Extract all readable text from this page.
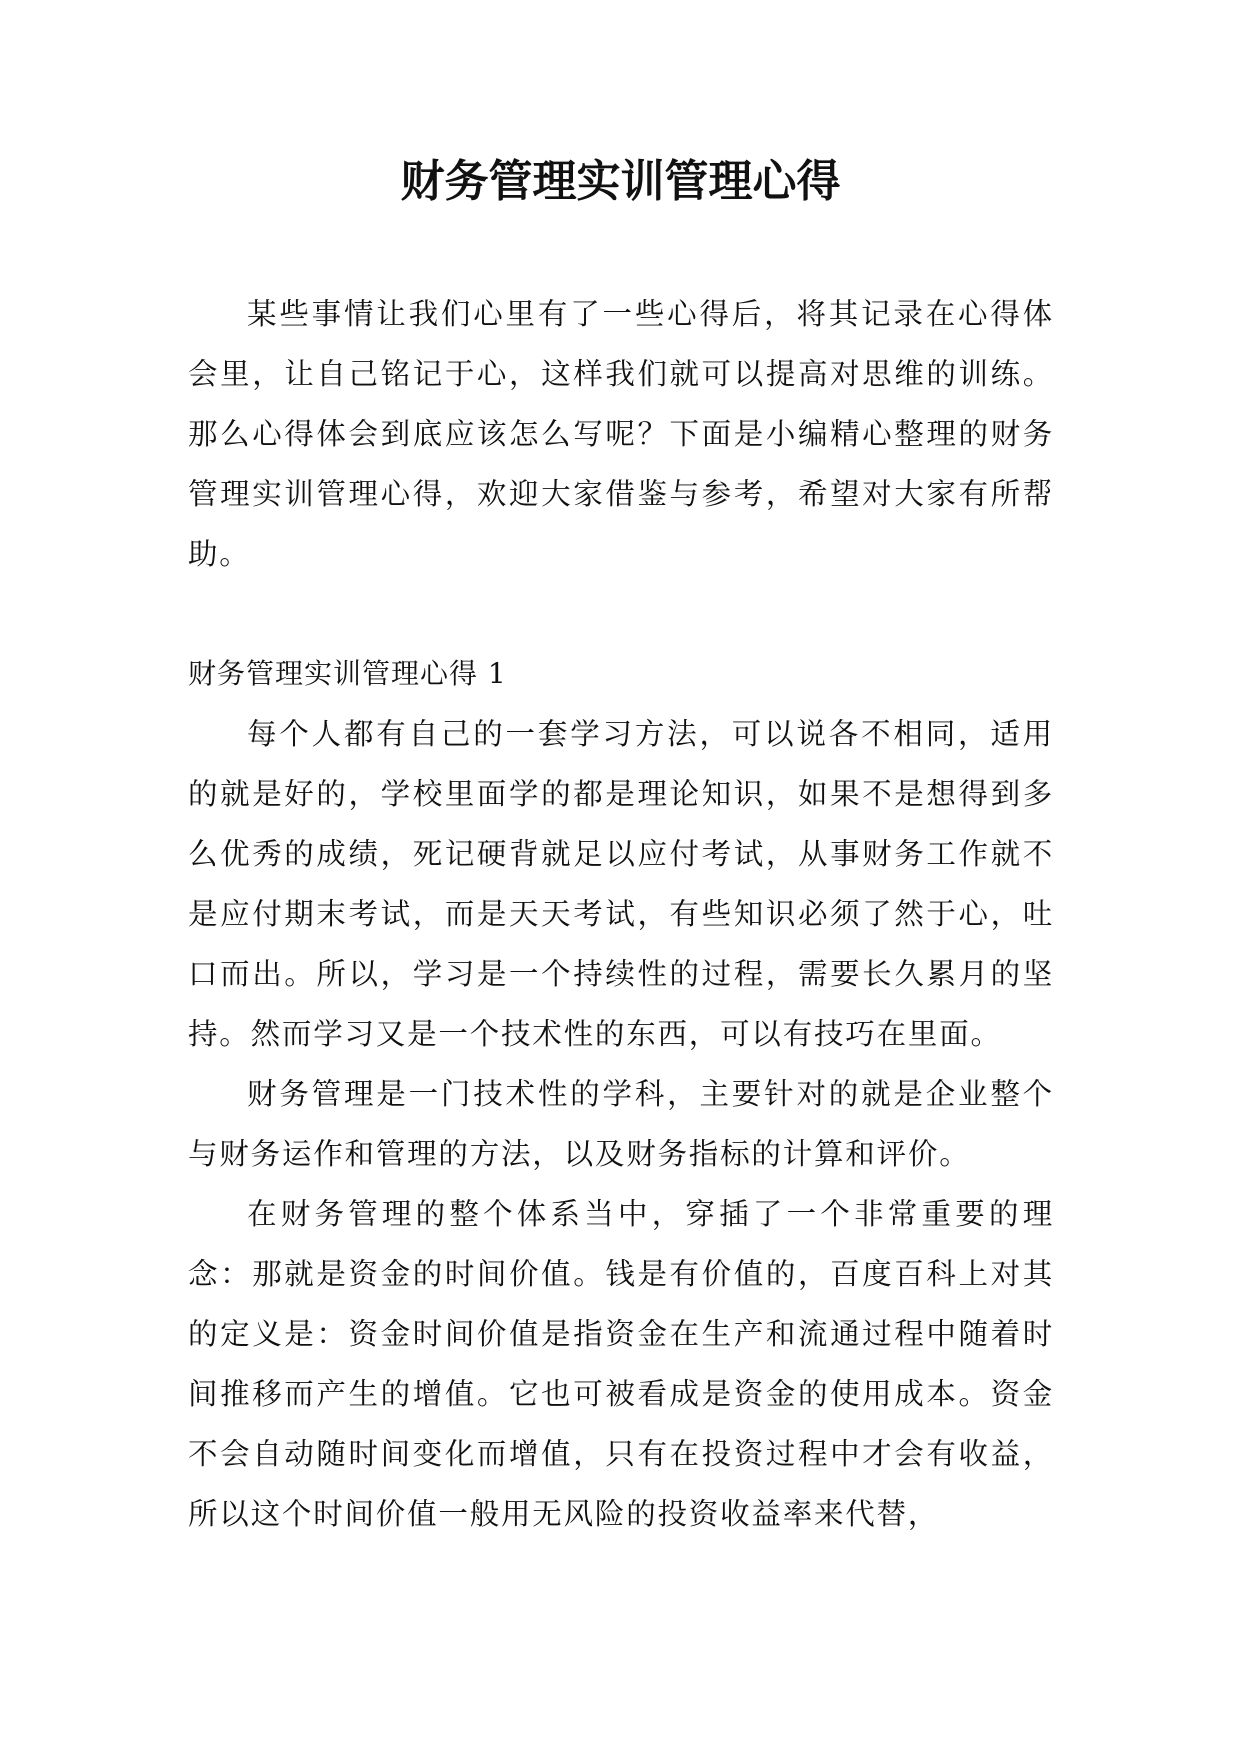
财务管理实训管理心得

某些事情让我们心里有了一些心得后，将其记录在心得体会里，让自己铭记于心，这样我们就可以提高对思维的训练。那么心得体会到底应该怎么写呢？下面是小编精心整理的财务管理实训管理心得，欢迎大家借鉴与参考，希望对大家有所帮助。

财务管理实训管理心得 1

每个人都有自己的一套学习方法，可以说各不相同，适用的就是好的，学校里面学的都是理论知识，如果不是想得到多么优秀的成绩，死记硬背就足以应付考试，从事财务工作就不是应付期末考试，而是天天考试，有些知识必须了然于心，吐口而出。所以，学习是一个持续性的过程，需要长久累月的坚持。然而学习又是一个技术性的东西，可以有技巧在里面。

财务管理是一门技术性的学科，主要针对的就是企业整个与财务运作和管理的方法，以及财务指标的计算和评价。

在财务管理的整个体系当中，穿插了一个非常重要的理念：那就是资金的时间价值。钱是有价值的，百度百科上对其的定义是：资金时间价值是指资金在生产和流通过程中随着时间推移而产生的增值。它也可被看成是资金的使用成本。资金不会自动随时间变化而增值，只有在投资过程中才会有收益，所以这个时间价值一般用无风险的投资收益率来代替，
